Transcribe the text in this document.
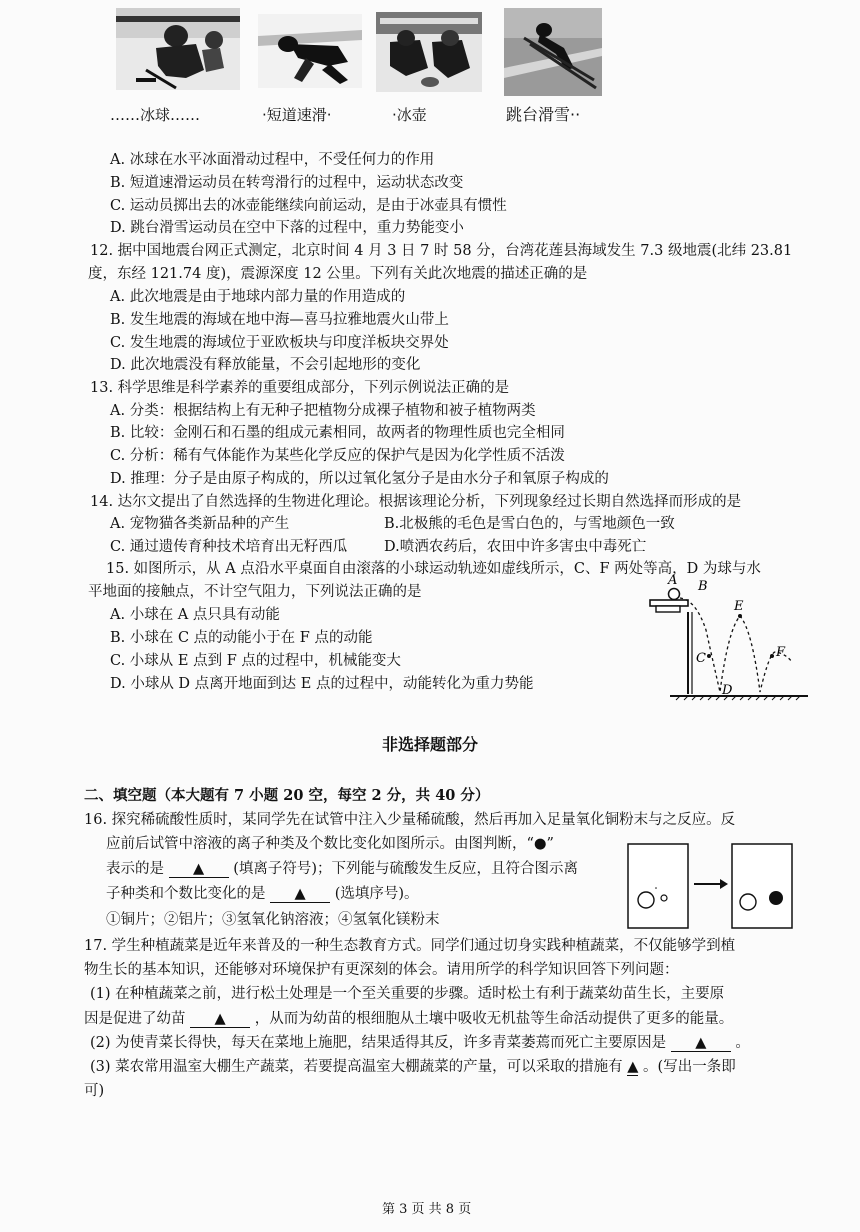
……冰球……	·短道速滑·	·冰壶	跳台滑雪··
A. 冰球在水平冰面滑动过程中，不受任何力的作用
B. 短道速滑运动员在转弯滑行的过程中，运动状态改变
C. 运动员掷出去的冰壶能继续向前运动，是由于冰壶具有惯性
D. 跳台滑雪运动员在空中下落的过程中，重力势能变小
12. 据中国地震台网正式测定，北京时间 4 月 3 日 7 时 58 分，台湾花莲县海域发生 7.3 级地震(北纬 23.81
度，东经 121.74 度)，震源深度 12 公里。下列有关此次地震的描述正确的是
A. 此次地震是由于地球内部力量的作用造成的
B. 发生地震的海域在地中海—喜马拉雅地震火山带上
C. 发生地震的海域位于亚欧板块与印度洋板块交界处
D. 此次地震没有释放能量，不会引起地形的变化
13. 科学思维是科学素养的重要组成部分，下列示例说法正确的是
A. 分类：根据结构上有无种子把植物分成裸子植物和被子植物两类
B. 比较：金刚石和石墨的组成元素相同，故两者的物理性质也完全相同
C. 分析：稀有气体能作为某些化学反应的保护气是因为化学性质不活泼
D. 推理：分子是由原子构成的，所以过氧化氢分子是由水分子和氧原子构成的
14. 达尔文提出了自然选择的生物进化理论。根据该理论分析，下列现象经过长期自然选择而形成的是
A. 宠物猫各类新品种的产生	B.北极熊的毛色是雪白色的，与雪地颜色一致
C. 通过遗传育种技术培育出无籽西瓜	D.喷洒农药后，农田中许多害虫中毒死亡
15. 如图所示，从 A 点沿水平桌面自由滚落的小球运动轨迹如虚线所示，C、F 两处等高，D 为球与水
平地面的接触点，不计空气阻力，下列说法正确的是
A. 小球在 A 点只具有动能
B. 小球在 C 点的动能小于在 F 点的动能
C. 小球从 E 点到 F 点的过程中，机械能变大
D. 小球从 D 点离开地面到达 E 点的过程中，动能转化为重力势能
A B
E
C	F
D
非选择题部分
二、填空题（本大题有 7 小题 20 空，每空 2 分，共 40 分）
16. 探究稀硫酸性质时，某同学先在试管中注入少量稀硫酸，然后再加入足量氧化铜粉末与之反应。反
应前后试管中溶液的离子种类及个数比变化如图所示。由图判断，“●”
表示的是 ▲ (填离子符号)；下列能与硫酸发生反应，且符合图示离
子种类和个数比变化的是 ▲ (选填序号)。
①铜片；②铝片；③氢氧化钠溶液；④氢氧化镁粉末
17. 学生种植蔬菜是近年来普及的一种生态教育方式。同学们通过切身实践种植蔬菜，不仅能够学到植
物生长的基本知识，还能够对环境保护有更深刻的体会。请用所学的科学知识回答下列问题：
(1) 在种植蔬菜之前，进行松土处理是一个至关重要的步骤。适时松土有利于蔬菜幼苗生长，主要原
因是促进了幼苗 ▲ ，从而为幼苗的根细胞从土壤中吸收无机盐等生命活动提供了更多的能量。
(2) 为使青菜长得快，每天在菜地上施肥，结果适得其反，许多青菜萎蔫而死亡主要原因是 ▲ 。
(3) 菜农常用温室大棚生产蔬菜，若要提高温室大棚蔬菜的产量，可以采取的措施有 ▲ 。(写出一条即
可)
第 3 页 共 8 页
